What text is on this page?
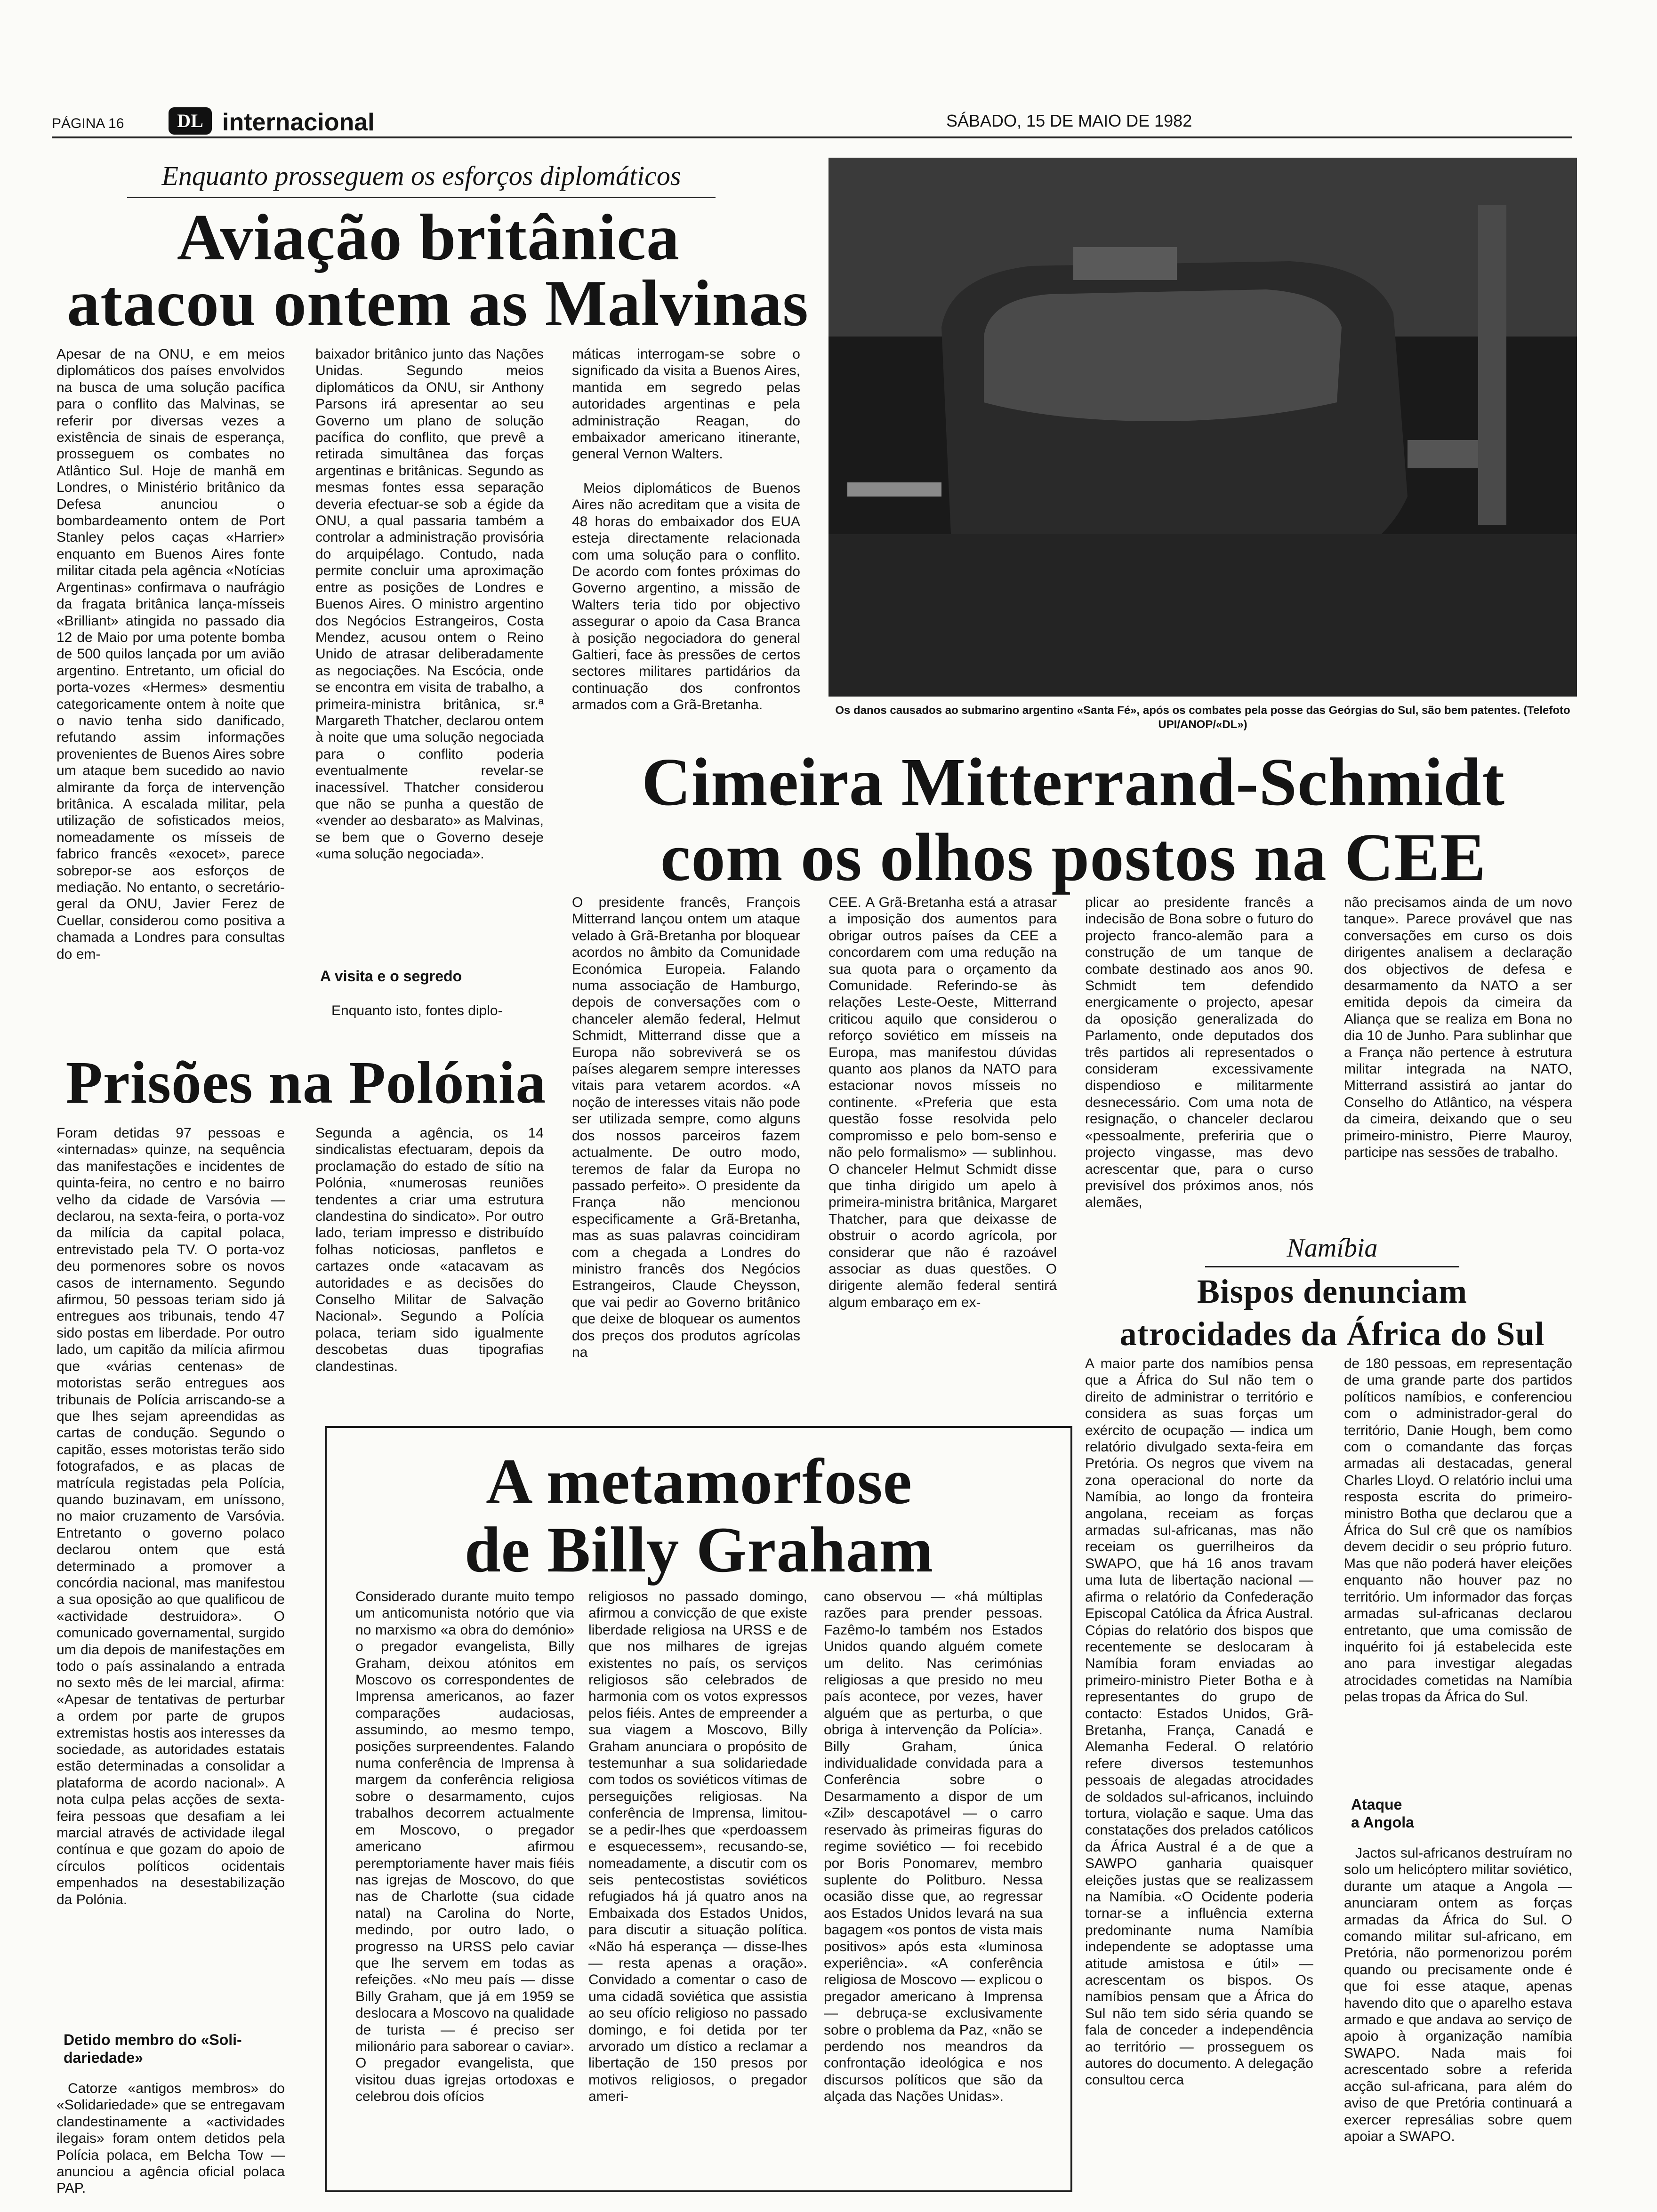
PÁGINA 16	DL internacional	SÁBADO, 15 DE MAIO DE 1982
Enquanto prosseguem os esforços diplomáticos
Aviação britânica
atacou ontem as Malvinas
Apesar de na ONU, e em meios diplomáticos dos países envolvidos na busca de uma solução pacífica para o conflito das Malvinas, se referir por diversas vezes a existência de sinais de esperança, prosseguem os combates no Atlântico Sul. Hoje de manhã em Londres, o Ministério britânico da Defesa anunciou o bombardeamento ontem de Port Stanley pelos caças «Harrier» enquanto em Buenos Aires fonte militar citada pela agência «Notícias Argentinas» confirmava o naufrágio da fragata britânica lança-mísseis «Brilliant» atingida no passado dia 12 de Maio por uma potente bomba de 500 quilos lançada por um avião argentino. Entretanto, um oficial do porta-vozes «Hermes» desmentiu categoricamente ontem à noite que o navio tenha sido danificado, refutando assim informações provenientes de Buenos Aires sobre um ataque bem sucedido ao navio almirante da força de intervenção britânica. A escalada militar, pela utilização de sofisticados meios, nomeadamente os mísseis de fabrico francês «exocet», parece sobrepor-se aos esforços de mediação. No entanto, o secretário-geral da ONU, Javier Ferez de Cuellar, considerou como positiva a chamada a Londres para consultas do em-
baixador britânico junto das Nações Unidas. Segundo meios diplomáticos da ONU, sir Anthony Parsons irá apresentar ao seu Governo um plano de solução pacífica do conflito, que prevê a retirada simultânea das forças argentinas e britânicas. Segundo as mesmas fontes essa separação deveria efectuar-se sob a égide da ONU, a qual passaria também a controlar a administração provisória do arquipélago. Contudo, nada permite concluir uma aproximação entre as posições de Londres e Buenos Aires. O ministro argentino dos Negócios Estrangeiros, Costa Mendez, acusou ontem o Reino Unido de atrasar deliberadamente as negociações. Na Escócia, onde se encontra em visita de trabalho, a primeira-ministra britânica, sr.ª Margareth Thatcher, declarou ontem à noite que uma solução negociada para o conflito poderia eventualmente revelar-se inacessível. Thatcher considerou que não se punha a questão de «vender ao desbarato» as Malvinas, se bem que o Governo deseje «uma solução negociada».
máticas interrogam-se sobre o significado da visita a Buenos Aires, mantida em segredo pelas autoridades argentinas e pela administração Reagan, do embaixador americano itinerante, general Vernon Walters.
Meios diplomáticos de Buenos Aires não acreditam que a visita de 48 horas do embaixador dos EUA esteja directamente relacionada com uma solução para o conflito. De acordo com fontes próximas do Governo argentino, a missão de Walters teria tido por objectivo assegurar o apoio da Casa Branca à posição negociadora do general Galtieri, face às pressões de certos sectores militares partidários da continuação dos confrontos armados com a Grã-Bretanha.
A visita e o segredo
Enquanto isto, fontes diplo-
Os danos causados ao submarino argentino «Santa Fé», após os combates pela posse das Geórgias do Sul, são bem patentes. (Telefoto UPI/ANOP/«DL»)
Cimeira Mitterrand-Schmidt
com os olhos postos na CEE
O presidente francês, François Mitterrand lançou ontem um ataque velado à Grã-Bretanha por bloquear acordos no âmbito da Comunidade Económica Europeia. Falando numa associação de Hamburgo, depois de conversações com o chanceler alemão federal, Helmut Schmidt, Mitterrand disse que a Europa não sobreviverá se os países alegarem sempre interesses vitais para vetarem acordos. «A noção de interesses vitais não pode ser utilizada sempre, como alguns dos nossos parceiros fazem actualmente. De outro modo, teremos de falar da Europa no passado perfeito». O presidente da França não mencionou especificamente a Grã-Bretanha, mas as suas palavras coincidiram com a chegada a Londres do ministro francês dos Negócios Estrangeiros, Claude Cheysson, que vai pedir ao Governo britânico que deixe de bloquear os aumentos dos preços dos produtos agrícolas na
CEE. A Grã-Bretanha está a atrasar a imposição dos aumentos para obrigar outros países da CEE a concordarem com uma redução na sua quota para o orçamento da Comunidade. Referindo-se às relações Leste-Oeste, Mitterrand criticou aquilo que considerou o reforço soviético em mísseis na Europa, mas manifestou dúvidas quanto aos planos da NATO para estacionar novos mísseis no continente. «Preferia que esta questão fosse resolvida pelo compromisso e pelo bom-senso e não pelo formalismo» — sublinhou. O chanceler Helmut Schmidt disse que tinha dirigido um apelo à primeira-ministra britânica, Margaret Thatcher, para que deixasse de obstruir o acordo agrícola, por considerar que não é razoável associar as duas questões. O dirigente alemão federal sentirá algum embaraço em ex-
plicar ao presidente francês a indecisão de Bona sobre o futuro do projecto franco-alemão para a construção de um tanque de combate destinado aos anos 90. Schmidt tem defendido energicamente o projecto, apesar da oposição generalizada do Parlamento, onde deputados dos três partidos ali representados o consideram excessivamente dispendioso e militarmente desnecessário. Com uma nota de resignação, o chanceler declarou «pessoalmente, preferiria que o projecto vingasse, mas devo acrescentar que, para o curso previsível dos próximos anos, nós alemães,
não precisamos ainda de um novo tanque». Parece provável que nas conversações em curso os dois dirigentes analisem a declaração dos objectivos de defesa e desarmamento da NATO a ser emitida depois da cimeira da Aliança que se realiza em Bona no dia 10 de Junho. Para sublinhar que a França não pertence à estrutura militar integrada na NATO, Mitterrand assistirá ao jantar do Conselho do Atlântico, na véspera da cimeira, deixando que o seu primeiro-ministro, Pierre Mauroy, participe nas sessões de trabalho.
Prisões na Polónia
Foram detidas 97 pessoas e «internadas» quinze, na sequência das manifestações e incidentes de quinta-feira, no centro e no bairro velho da cidade de Varsóvia — declarou, na sexta-feira, o porta-voz da milícia da capital polaca, entrevistado pela TV. O porta-voz deu pormenores sobre os novos casos de internamento. Segundo afirmou, 50 pessoas teriam sido já entregues aos tribunais, tendo 47 sido postas em liberdade. Por outro lado, um capitão da milícia afirmou que «várias centenas» de motoristas serão entregues aos tribunais de Polícia arriscando-se a que lhes sejam apreendidas as cartas de condução. Segundo o capitão, esses motoristas terão sido fotografados, e as placas de matrícula registadas pela Polícia, quando buzinavam, em uníssono, no maior cruzamento de Varsóvia. Entretanto o governo polaco declarou ontem que está determinado a promover a concórdia nacional, mas manifestou a sua oposição ao que qualificou de «actividade destruidora». O comunicado governamental, surgido um dia depois de manifestações em todo o país assinalando a entrada no sexto mês de lei marcial, afirma: «Apesar de tentativas de perturbar a ordem por parte de grupos extremistas hostis aos interesses da sociedade, as autoridades estatais estão determinadas a consolidar a plataforma de acordo nacional». A nota culpa pelas acções de sexta-feira pessoas que desafiam a lei marcial através de actividade ilegal contínua e que gozam do apoio de círculos políticos ocidentais empenhados na desestabilização da Polónia.
Segunda a agência, os 14 sindicalistas efectuaram, depois da proclamação do estado de sítio na Polónia, «numerosas reuniões tendentes a criar uma estrutura clandestina do sindicato». Por outro lado, teriam impresso e distribuído folhas noticiosas, panfletos e cartazes onde «atacavam as autoridades e as decisões do Conselho Militar de Salvação Nacional». Segundo a Polícia polaca, teriam sido igualmente descobetas duas tipografias clandestinas.
Detido membro do «Soli-
dariedade»
Catorze «antigos membros» do «Solidariedade» que se entregavam clandestinamente a «actividades ilegais» foram ontem detidos pela Polícia polaca, em Belcha Tow — anunciou a agência oficial polaca PAP.
A metamorfose
de Billy Graham
Considerado durante muito tempo um anticomunista notório que via no marxismo «a obra do demónio» o pregador evangelista, Billy Graham, deixou atónitos em Moscovo os correspondentes de Imprensa americanos, ao fazer comparações audaciosas, assumindo, ao mesmo tempo, posições surpreendentes. Falando numa conferência de Imprensa à margem da conferência religiosa sobre o desarmamento, cujos trabalhos decorrem actualmente em Moscovo, o pregador americano afirmou peremptoriamente haver mais fiéis nas igrejas de Moscovo, do que nas de Charlotte (sua cidade natal) na Carolina do Norte, medindo, por outro lado, o progresso na URSS pelo caviar que lhe servem em todas as refeições. «No meu país — disse Billy Graham, que já em 1959 se deslocara a Moscovo na qualidade de turista — é preciso ser milionário para saborear o caviar». O pregador evangelista, que visitou duas igrejas ortodoxas e celebrou dois ofícios
religiosos no passado domingo, afirmou a convicção de que existe liberdade religiosa na URSS e de que nos milhares de igrejas existentes no país, os serviços religiosos são celebrados de harmonia com os votos expressos pelos fiéis. Antes de empreender a sua viagem a Moscovo, Billy Graham anunciara o propósito de testemunhar a sua solidariedade com todos os soviéticos vítimas de perseguições religiosas. Na conferência de Imprensa, limitou-se a pedir-lhes que «perdoassem e esquecessem», recusando-se, nomeadamente, a discutir com os seis pentecostistas soviéticos refugiados há já quatro anos na Embaixada dos Estados Unidos, para discutir a situação política. «Não há esperança — disse-lhes — resta apenas a oração». Convidado a comentar o caso de uma cidadã soviética que assistia ao seu ofício religioso no passado domingo, e foi detida por ter arvorado um dístico a reclamar a libertação de 150 presos por motivos religiosos, o pregador ameri-
cano observou — «há múltiplas razões para prender pessoas. Fazêmo-lo também nos Estados Unidos quando alguém comete um delito. Nas cerimónias religiosas a que presido no meu país acontece, por vezes, haver alguém que as perturba, o que obriga à intervenção da Polícia». Billy Graham, única individualidade convidada para a Conferência sobre o Desarmamento a dispor de um «Zil» descapotável — o carro reservado às primeiras figuras do regime soviético — foi recebido por Boris Ponomarev, membro suplente do Politburo. Nessa ocasião disse que, ao regressar aos Estados Unidos levará na sua bagagem «os pontos de vista mais positivos» após esta «luminosa experiência». «A conferência religiosa de Moscovo — explicou o pregador americano à Imprensa — debruça-se exclusivamente sobre o problema da Paz, «não se perdendo nos meandros da confrontação ideológica e nos discursos políticos que são da alçada das Nações Unidas».
Namíbia
Bispos denunciam
atrocidades da África do Sul
A maior parte dos namíbios pensa que a África do Sul não tem o direito de administrar o território e considera as suas forças um exército de ocupação — indica um relatório divulgado sexta-feira em Pretória. Os negros que vivem na zona operacional do norte da Namíbia, ao longo da fronteira angolana, receiam as forças armadas sul-africanas, mas não receiam os guerrilheiros da SWAPO, que há 16 anos travam uma luta de libertação nacional — afirma o relatório da Confederação Episcopal Católica da África Austral. Cópias do relatório dos bispos que recentemente se deslocaram à Namíbia foram enviadas ao primeiro-ministro Pieter Botha e à representantes do grupo de contacto: Estados Unidos, Grã-Bretanha, França, Canadá e Alemanha Federal. O relatório refere diversos testemunhos pessoais de alegadas atrocidades de soldados sul-africanos, incluindo tortura, violação e saque. Uma das constatações dos prelados católicos da África Austral é a de que a SAWPO ganharia quaisquer eleições justas que se realizassem na Namíbia. «O Ocidente poderia tornar-se a influência externa predominante numa Namíbia independente se adoptasse uma atitude amistosa e útil» — acrescentam os bispos. Os namíbios pensam que a África do Sul não tem sido séria quando se fala de conceder a independência ao território — prosseguem os autores do documento. A delegação consultou cerca
de 180 pessoas, em representação de uma grande parte dos partidos políticos namíbios, e conferenciou com o administrador-geral do território, Danie Hough, bem como com o comandante das forças armadas ali destacadas, general Charles Lloyd. O relatório inclui uma resposta escrita do primeiro-ministro Botha que declarou que a África do Sul crê que os namíbios devem decidir o seu próprio futuro. Mas que não poderá haver eleições enquanto não houver paz no território. Um informador das forças armadas sul-africanas declarou entretanto, que uma comissão de inquérito foi já estabelecida este ano para investigar alegadas atrocidades cometidas na Namíbia pelas tropas da África do Sul.
Ataque
a Angola
Jactos sul-africanos destruíram no solo um helicóptero militar soviético, durante um ataque a Angola — anunciaram ontem as forças armadas da África do Sul. O comando militar sul-africano, em Pretória, não pormenorizou porém quando ou precisamente onde é que foi esse ataque, apenas havendo dito que o aparelho estava armado e que andava ao serviço de apoio à organização namíbia SWAPO. Nada mais foi acrescentado sobre a referida acção sul-africana, para além do aviso de que Pretória continuará a exercer represálias sobre quem apoiar a SWAPO.
